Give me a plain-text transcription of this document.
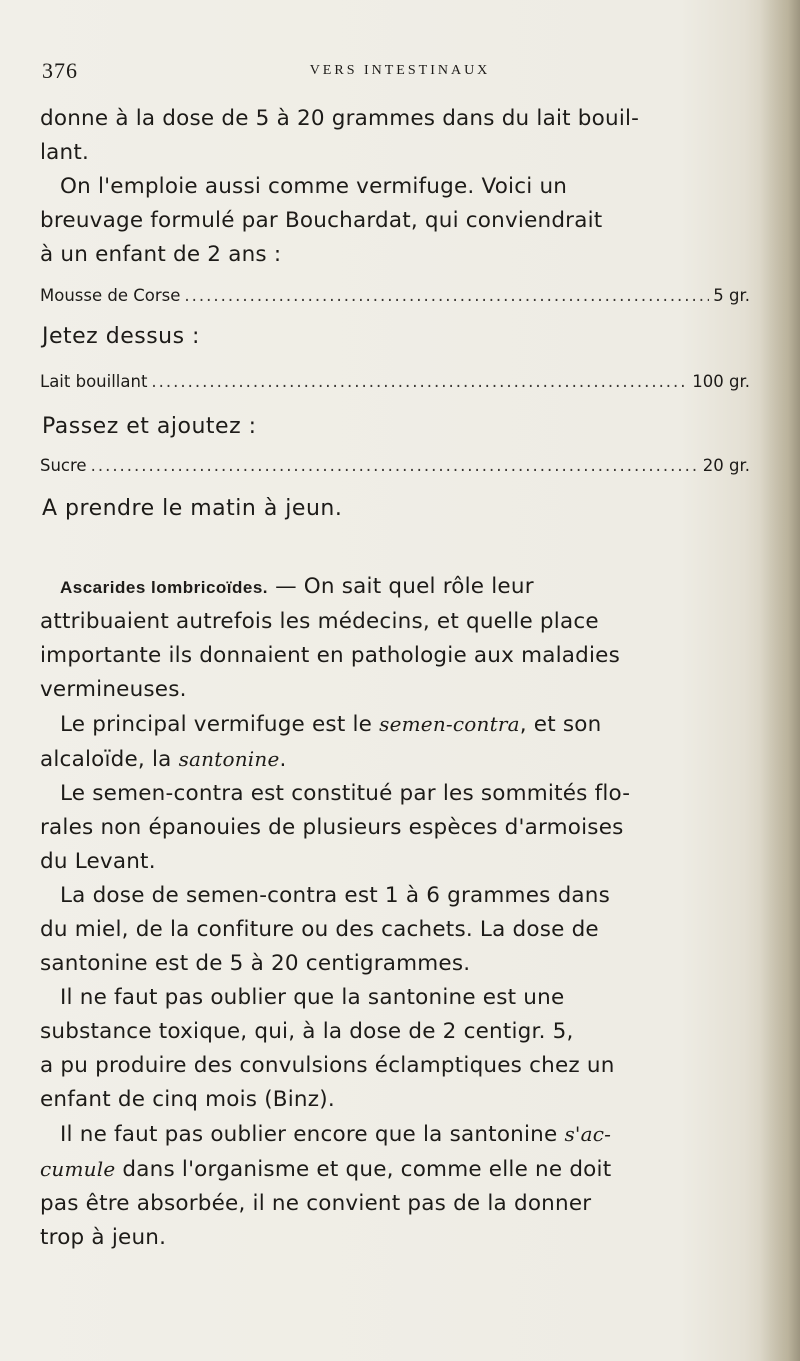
376	VERS INTESTINAUX
donne à la dose de 5 à 20 grammes dans du lait bouil-
lant.
On l'emploie aussi comme vermifuge. Voici un
breuvage formulé par Bouchardat, qui conviendrait
à un enfant de 2 ans :
Mousse de Corse .....	5 gr.
Jetez dessus :
Lait bouillant .....	100 gr.
Passez et ajoutez :
Sucre .....	20 gr.
A prendre le matin à jeun.
Ascarides lombricoïdes. — On sait quel rôle leur
attribuaient autrefois les médecins, et quelle place
importante ils donnaient en pathologie aux maladies
vermineuses.
Le principal vermifuge est le semen-contra, et son
alcaloïde, la santonine.
Le semen-contra est constitué par les sommités flo-
rales non épanouies de plusieurs espèces d'armoises
du Levant.
La dose de semen-contra est 1 à 6 grammes dans
du miel, de la confiture ou des cachets. La dose de
santonine est de 5 à 20 centigrammes.
Il ne faut pas oublier que la santonine est une
substance toxique, qui, à la dose de 2 centigr. 5,
a pu produire des convulsions éclamptiques chez un
enfant de cinq mois (Binz).
Il ne faut pas oublier encore que la santonine s'ac-
cumule dans l'organisme et que, comme elle ne doit
pas être absorbée, il ne convient pas de la donner
trop à jeun.
